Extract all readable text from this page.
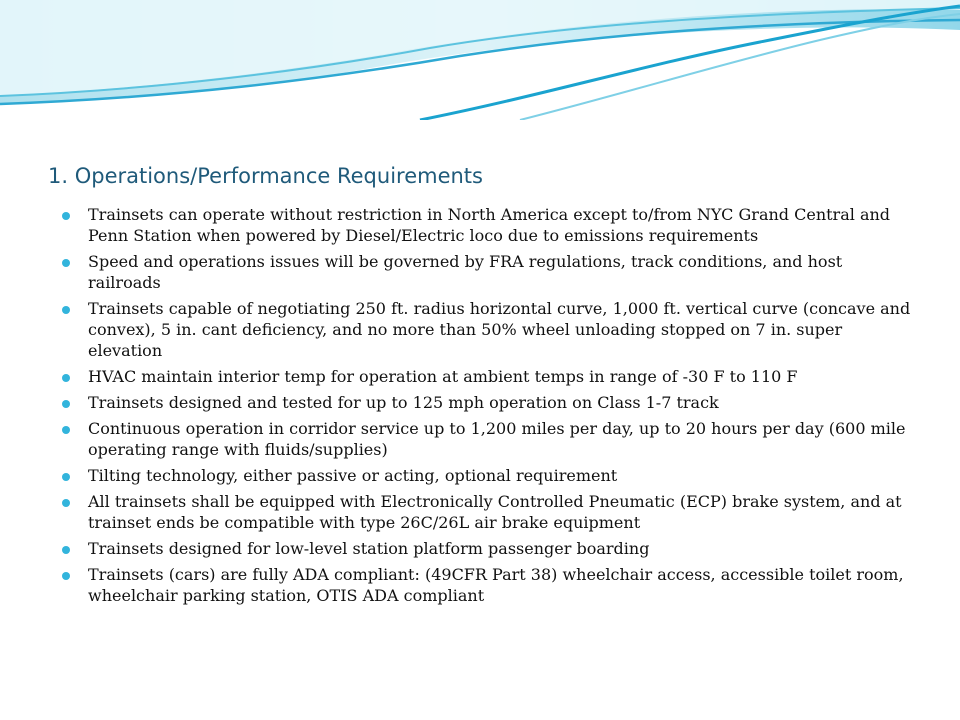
1. Operations/Performance Requirements
Trainsets can operate without restriction in North America except to/from NYC Grand Central and Penn Station when powered by Diesel/Electric loco due to emissions requirements
Speed and operations issues will be governed by FRA regulations, track conditions, and host railroads
Trainsets capable of negotiating 250 ft. radius horizontal curve, 1,000 ft. vertical curve (concave and convex), 5 in. cant deficiency, and no more than 50% wheel unloading stopped on 7 in. super elevation
HVAC maintain interior temp for operation at ambient temps in range of -30 F to 110 F
Trainsets designed and tested for up to 125 mph operation on Class 1-7 track
Continuous operation in corridor service up to 1,200 miles per day, up to 20 hours per day (600 mile operating range with fluids/supplies)
Tilting technology, either passive or acting, optional requirement
All trainsets shall be equipped with Electronically Controlled Pneumatic (ECP) brake system, and at trainset ends be compatible with type 26C/26L air brake equipment
Trainsets designed for low-level station platform passenger boarding
Trainsets (cars) are fully ADA compliant: (49CFR Part 38) wheelchair access, accessible toilet room, wheelchair parking station, OTIS ADA compliant
